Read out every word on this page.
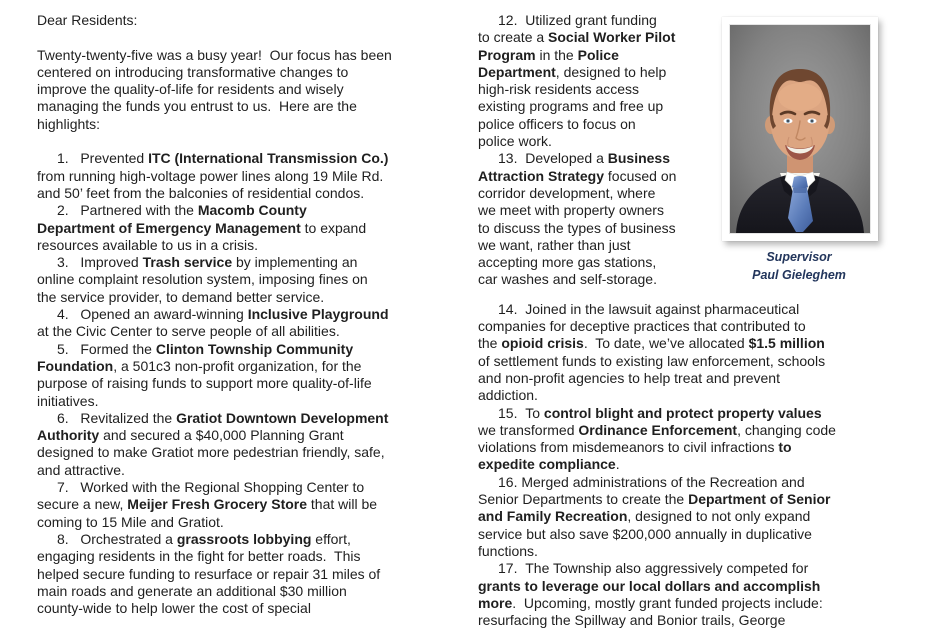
Dear Residents:

Twenty-twenty-five was a busy year!  Our focus has been
centered on introducing transformative changes to
improve the quality-of-life for residents and wisely
managing the funds you entrust to us.  Here are the
highlights:

1.   Prevented ITC (International Transmission Co.)
from running high-voltage power lines along 19 Mile Rd.
and 50’ feet from the balconies of residential condos.
2.   Partnered with the Macomb County
Department of Emergency Management to expand
resources available to us in a crisis.
3.   Improved Trash service by implementing an
online complaint resolution system, imposing fines on
the service provider, to demand better service.
4.   Opened an award-winning Inclusive Playground
at the Civic Center to serve people of all abilities.
5.   Formed the Clinton Township Community
Foundation, a 501c3 non-profit organization, for the
purpose of raising funds to support more quality-of-life
initiatives.
6.   Revitalized the Gratiot Downtown Development
Authority and secured a $40,000 Planning Grant
designed to make Gratiot more pedestrian friendly, safe,
and attractive.
7.   Worked with the Regional Shopping Center to
secure a new, Meijer Fresh Grocery Store that will be
coming to 15 Mile and Gratiot.
8.   Orchestrated a grassroots lobbying effort,
engaging residents in the fight for better roads.  This
helped secure funding to resurface or repair 31 miles of
main roads and generate an additional $30 million
county-wide to help lower the cost of special
Supervisor
Paul Gieleghem
12.  Utilized grant funding
to create a Social Worker Pilot
Program in the Police
Department, designed to help
high-risk residents access
existing programs and free up
police officers to focus on
police work.
13.  Developed a Business
Attraction Strategy focused on
corridor development, where
we meet with property owners
to discuss the types of business
we want, rather than just
accepting more gas stations,
car washes and self-storage.
14.  Joined in the lawsuit against pharmaceutical
companies for deceptive practices that contributed to
the opioid crisis.  To date, we’ve allocated $1.5 million
of settlement funds to existing law enforcement, schools
and non-profit agencies to help treat and prevent
addiction.
15.  To control blight and protect property values
we transformed Ordinance Enforcement, changing code
violations from misdemeanors to civil infractions to
expedite compliance.
16. Merged administrations of the Recreation and
Senior Departments to create the Department of Senior
and Family Recreation, designed to not only expand
service but also save $200,000 annually in duplicative
functions.
17.  The Township also aggressively competed for
grants to leverage our local dollars and accomplish
more.  Upcoming, mostly grant funded projects include:
resurfacing the Spillway and Bonior trails, George
